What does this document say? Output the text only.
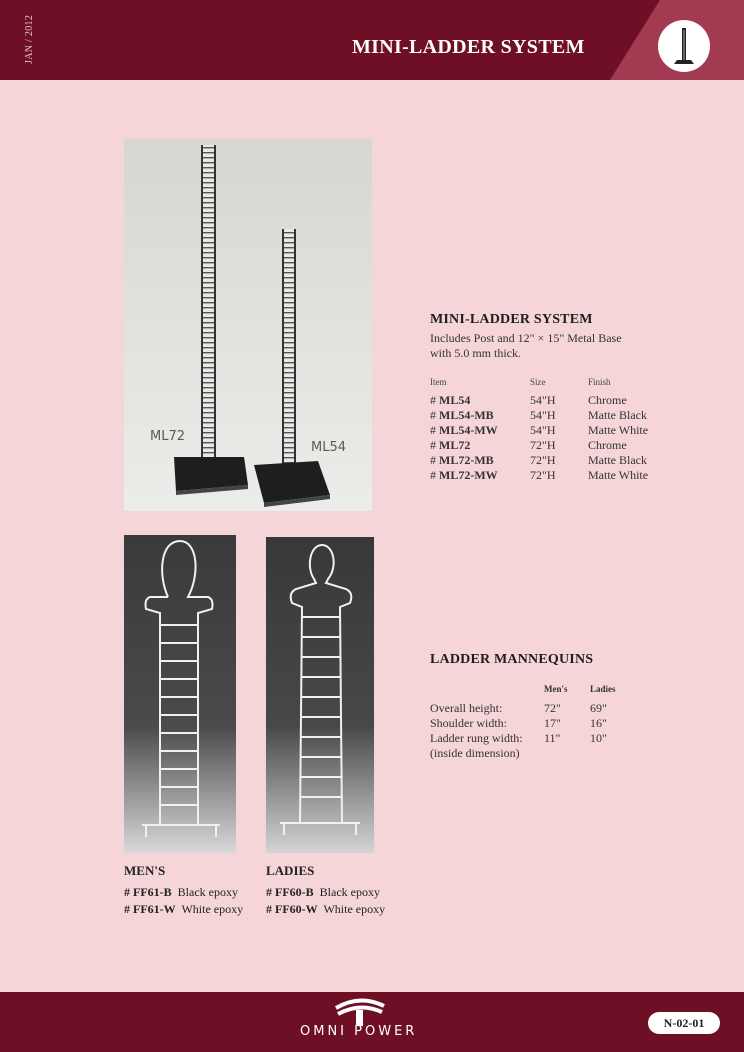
JAN / 2012	MINI-LADDER SYSTEM
ML72
ML54
MINI-LADDER SYSTEM
Includes Post and 12" × 15" Metal Base
with 5.0 mm thick.
Item	Size	Finish
# ML54	54"H	Chrome
# ML54-MB	54"H	Matte Black
# ML54-MW	54"H	Matte White
# ML72	72"H	Chrome
# ML72-MB	72"H	Matte Black
# ML72-MW	72"H	Matte White
LADDER MANNEQUINS
Men's	Ladies
Overall height:	72" 69"
Shoulder width:	17" 16"
Ladder rung width: 11" 10"
(inside dimension)
MEN'S
# FF61-B Black epoxy
# FF61-W White epoxy
LADIES
# FF60-B Black epoxy
# FF60-W White epoxy
OMNI POWER
N-02-01
